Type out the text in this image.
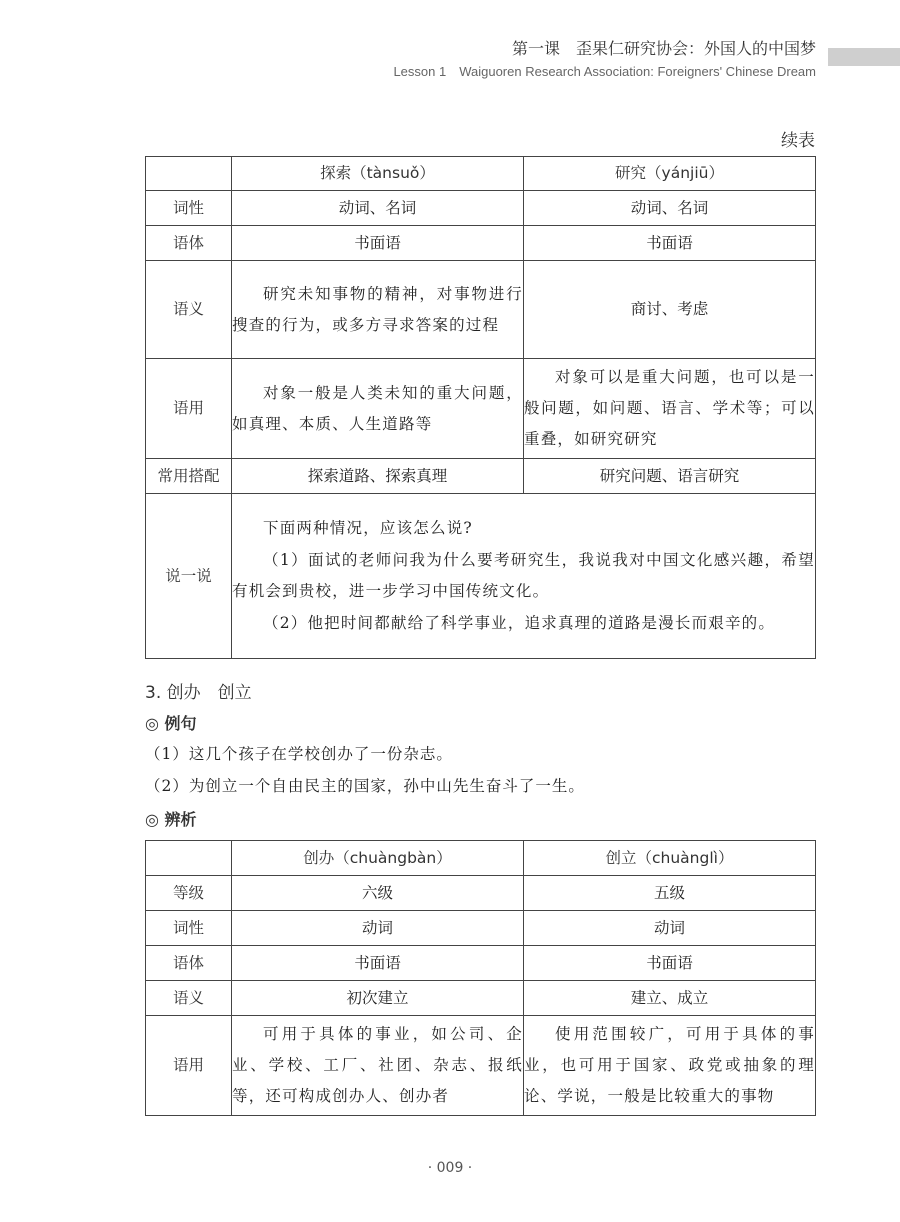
第一课　歪果仁研究协会：外国人的中国梦
Lesson 1　Waiguoren Research Association: Foreigners' Chinese Dream
续表
	探索（tànsuǒ）	研究（yánjiū）
词性	动词、名词	动词、名词
语体	书面语	书面语
语义	研究未知事物的精神，对事物进行搜查的行为，或多方寻求答案的过程	商讨、考虑
语用	对象一般是人类未知的重大问题，如真理、本质、人生道路等	对象可以是重大问题，也可以是一般问题，如问题、语言、学术等；可以重叠，如研究研究
常用搭配	探索道路、探索真理	研究问题、语言研究
说一说	下面两种情况，应该怎么说?

（1）面试的老师问我为什么要考研究生，我说我对中国文化感兴趣，希望有机会到贵校，进一步学习中国传统文化。

（2）他把时间都献给了科学事业，追求真理的道路是漫长而艰辛的。	

3. 创办　创立
◎ 例句
（1）这几个孩子在学校创办了一份杂志。
（2）为创立一个自由民主的国家，孙中山先生奋斗了一生。
◎ 辨析
	创办（chuàngbàn）	创立（chuànglì）
等级	六级	五级
词性	动词	动词
语体	书面语	书面语
语义	初次建立	建立、成立
语用	可用于具体的事业，如公司、企业、学校、工厂、社团、杂志、报纸等，还可构成创办人、创办者	使用范围较广，可用于具体的事业，也可用于国家、政党或抽象的理论、学说，一般是比较重大的事物
· 009 ·
